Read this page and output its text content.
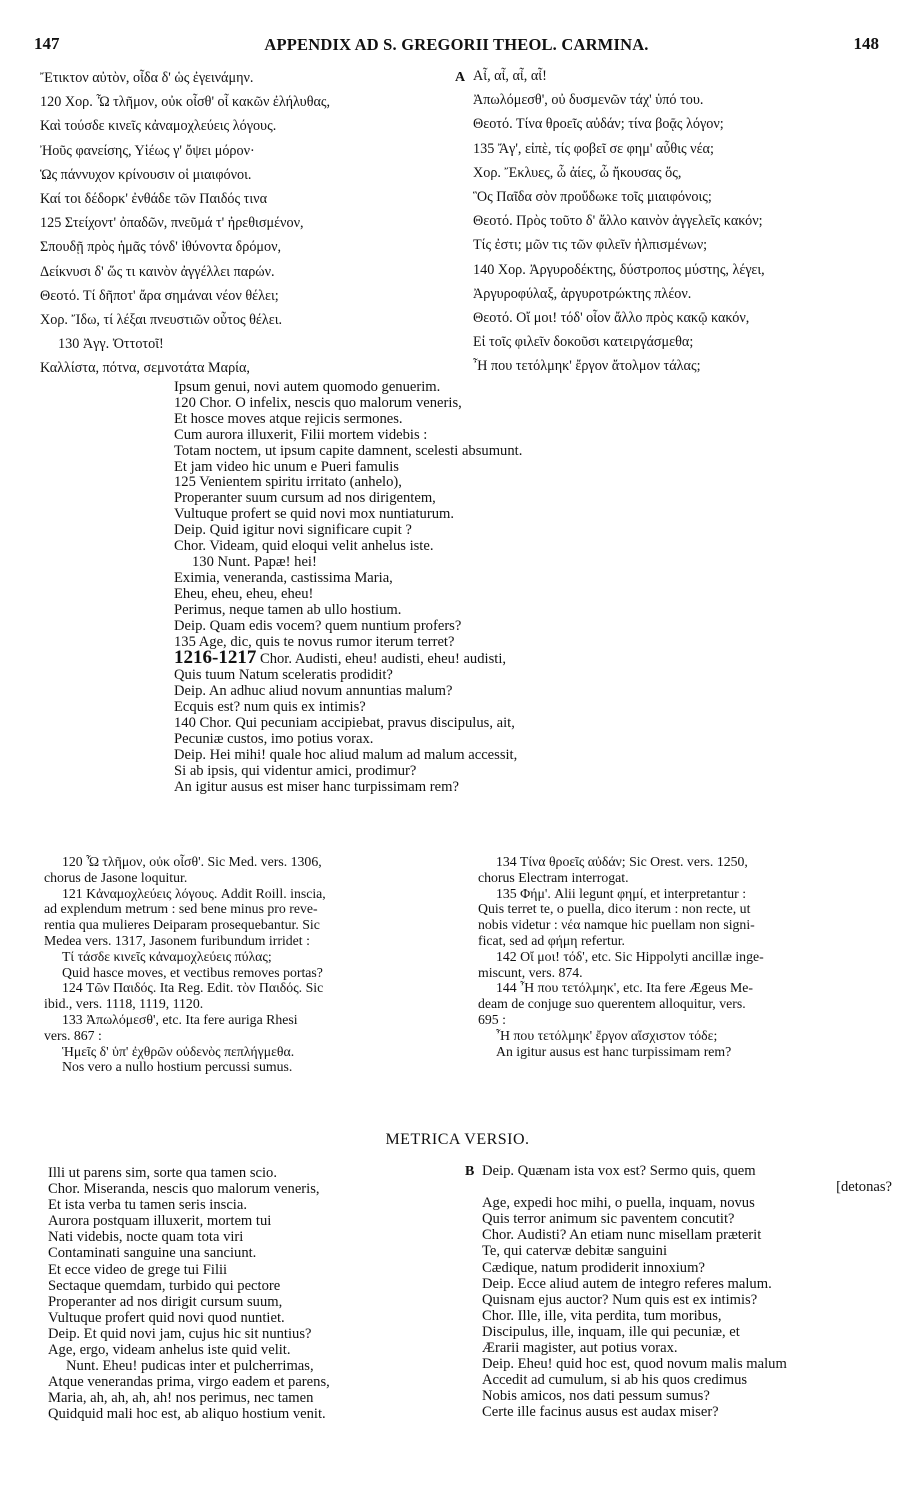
147	APPENDIX AD S. GREGORII THEOL. CARMINA.	148
Ἔτικτον αὐτὸν, οἶδα δ' ὡς ἐγεινάμην.
120 Χορ. Ὦ τλῆμον, οὐκ οἶσθ' οἷ κακῶν ἐλήλυθας,
Καὶ τούσδε κινεῖς κἀναμοχλεύεις λόγους.
Ἠοῦς φανείσης, Υἱέως γ' ὄψει μόρον·
Ὡς πάννυχον κρίνουσιν οἱ μιαιφόνοι.
Καί τοι δέδορκ' ἐνθάδε τῶν Παιδός τινα
125 Στείχοντ' ὀπαδῶν, πνεῦμά τ' ἠρεθισμένον,
Σπουδῇ πρὸς ἡμᾶς τόνδ' ἰθύνοντα δρόμον,
Δείκνυσι δ' ὥς τι καινὸν ἀγγέλλει παρών.
Θεοτό. Τί δῆποτ' ἄρα σημάναι νέον θέλει;
Χορ. Ἴδω, τί λέξαι πνευστιῶν οὗτος θέλει.
130 Ἀγγ. Ὀττοτοῖ!
Καλλίστα, πότνα, σεμνοτάτα Μαρία,
A Αἶ, αἶ, αἶ, αἶ!
Ἀπωλόμεσθ', οὐ δυσμενῶν τάχ' ὑπό του.
Θεοτό. Τίνα θροεῖς αὐδάν; τίνα βοᾷς λόγον;
135 Ἄγ', εἰπὲ, τίς φοβεῖ σε φημ' αὖθις νέα;
Χορ. Ἔκλυες, ὦ ἀίες, ὦ ἤκουσας ὅς,
Ὃς Παῖδα σὸν προὔδωκε τοῖς μιαιφόνοις;
Θεοτό. Πρὸς τοῦτο δ' ἄλλο καινὸν ἀγγελεῖς κακόν;
Τίς ἐστι; μῶν τις τῶν φιλεῖν ἠλπισμένων;
140 Χορ. Ἀργυροδέκτης, δύστροπος μύστης, λέγει,
Ἀργυροφύλαξ, ἀργυροτρώκτης πλέον.
Θεοτό. Οἴ μοι! τόδ' οἷον ἄλλο πρὸς κακῷ κακόν,
Εἰ τοῖς φιλεῖν δοκοῦσι κατειργάσμεθα;
Ἦ που τετόλμηκ' ἔργον ἄτολμον τάλας;
Ipsum genui, novi autem quomodo genuerim.
120 Chor. O infelix, nescis quo malorum veneris,
Et hosce moves atque rejicis sermones.
Cum aurora illuxerit, Filii mortem videbis :
Totam noctem, ut ipsum capite damnent, scelesti absumunt.
Et jam video hic unum e Pueri famulis
125 Venientem spiritu irritato (anhelo),
Properanter suum cursum ad nos dirigentem,
Vultuque profert se quid novi mox nuntiaturum.
Deip. Quid igitur novi significare cupit ?
Chor. Videam, quid eloqui velit anhelus iste.
130 Nunt. Papæ! hei!
Eximia, veneranda, castissima Maria,
Eheu, eheu, eheu, eheu!
Perimus, neque tamen ab ullo hostium.
Deip. Quam edis vocem? quem nuntium profers?
135 Age, dic, quis te novus rumor iterum terret?
1216-1217 Chor. Audisti, eheu! audisti, eheu! audisti,
Quis tuum Natum sceleratis prodidit?
Deip. An adhuc aliud novum annuntias malum?
Ecquis est? num quis ex intimis?
140 Chor. Qui pecuniam accipiebat, pravus discipulus, ait,
Pecuniæ custos, imo potius vorax.
Deip. Hei mihi! quale hoc aliud malum ad malum accessit,
Si ab ipsis, qui videntur amici, prodimur?
An igitur ausus est miser hanc turpissimam rem?
120 Ὦ τλῆμον, οὐκ οἶσθ'. Sic Med. vers. 1306,
chorus de Jasone loquitur.
121 Κἀναμοχλεύεις λόγους. Addit Roill. inscia,
ad explendum metrum : sed bene minus pro reve-
rentia qua mulieres Deiparam prosequebantur. Sic
Medea vers. 1317, Jasonem furibundum irridet :
Τί τάσδε κινεῖς κἀναμοχλεύεις πύλας;
Quid hasce moves, et vectibus removes portas?
124 Τῶν Παιδός. Ita Reg. Edit. τὸν Παιδός. Sic
ibid., vers. 1118, 1119, 1120.
133 Ἀπωλόμεσθ', etc. Ita fere auriga Rhesi
vers. 867 :
Ἡμεῖς δ' ὑπ' ἐχθρῶν οὐδενὸς πεπλήγμεθα.
Nos vero a nullo hostium percussi sumus.
134 Τίνα θροεῖς αὐδάν; Sic Orest. vers. 1250,
chorus Electram interrogat.
135 Φήμ'. Alii legunt φημί, et interpretantur :
Quis terret te, o puella, dico iterum : non recte, ut
nobis videtur : νέα namque hic puellam non signi-
ficat, sed ad φήμη refertur.
142 Οἴ μοι! τόδ', etc. Sic Hippolyti ancillæ inge-
miscunt, vers. 874.
144 Ἦ που τετόλμηκ', etc. Ita fere Ægeus Me-
deam de conjuge suo querentem alloquitur, vers.
695 :
Ἦ που τετόλμηκ' ἔργον αἴσχιστον τόδε;
An igitur ausus est hanc turpissimam rem?
METRICA VERSIO.
Illi ut parens sim, sorte qua tamen scio.
Chor. Miseranda, nescis quo malorum veneris,
Et ista verba tu tamen seris inscia.
Aurora postquam illuxerit, mortem tui
Nati videbis, nocte quam tota viri
Contaminati sanguine una sanciunt.
Et ecce video de grege tui Filii
Sectaque quemdam, turbido qui pectore
Properanter ad nos dirigit cursum suum,
Vultuque profert quid novi quod nuntiet.
Deip. Et quid novi jam, cujus hic sit nuntius?
Age, ergo, videam anhelus iste quid velit.
Nunt. Eheu! pudicas inter et pulcherrimas,
Atque venerandas prima, virgo eadem et parens,
Maria, ah, ah, ah, ah! nos perimus, nec tamen
Quidquid mali hoc est, ab aliquo hostium venit.
B Deip. Quænam ista vox est? Sermo quis, quem
[detonas?
Age, expedi hoc mihi, o puella, inquam, novus
Quis terror animum sic paventem concutit?
Chor. Audisti? An etiam nunc misellam præterit
Te, qui catervæ debitæ sanguini
Cædique, natum prodiderit innoxium?
Deip. Ecce aliud autem de integro referes malum.
Quisnam ejus auctor? Num quis est ex intimis?
Chor. Ille, ille, vita perdita, tum moribus,
Discipulus, ille, inquam, ille qui pecuniæ, et
Ærarii magister, aut potius vorax.
Deip. Eheu! quid hoc est, quod novum malis malum
Accedit ad cumulum, si ab his quos credimus
Nobis amicos, nos dati pessum sumus?
Certe ille facinus ausus est audax miser?
